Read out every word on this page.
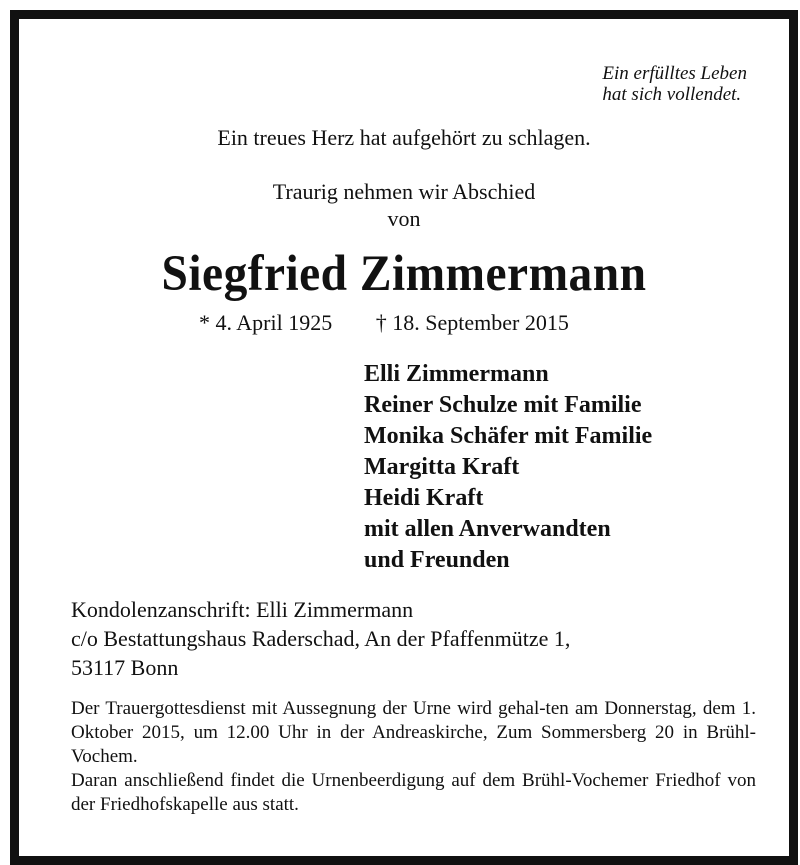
Ein erfülltes Leben
hat sich vollendet.
Ein treues Herz hat aufgehört zu schlagen.
Traurig nehmen wir Abschied
von
Siegfried Zimmermann
* 4. April 1925 † 18. September 2015
Elli Zimmermann
Reiner Schulze mit Familie
Monika Schäfer mit Familie
Margitta Kraft
Heidi Kraft
mit allen Anverwandten
und Freunden
Kondolenzanschrift: Elli Zimmermann
c/o Bestattungshaus Raderschad, An der Pfaffenmütze 1,
53117 Bonn

Der Trauergottesdienst mit Aussegnung der Urne wird gehal-ten am Donnerstag, dem 1. Oktober 2015, um 12.00 Uhr in der Andreaskirche, Zum Sommersberg 20 in Brühl-Vochem.

Daran anschließend findet die Urnenbeerdigung auf dem Brühl-Vochemer Friedhof von der Friedhofskapelle aus statt.
